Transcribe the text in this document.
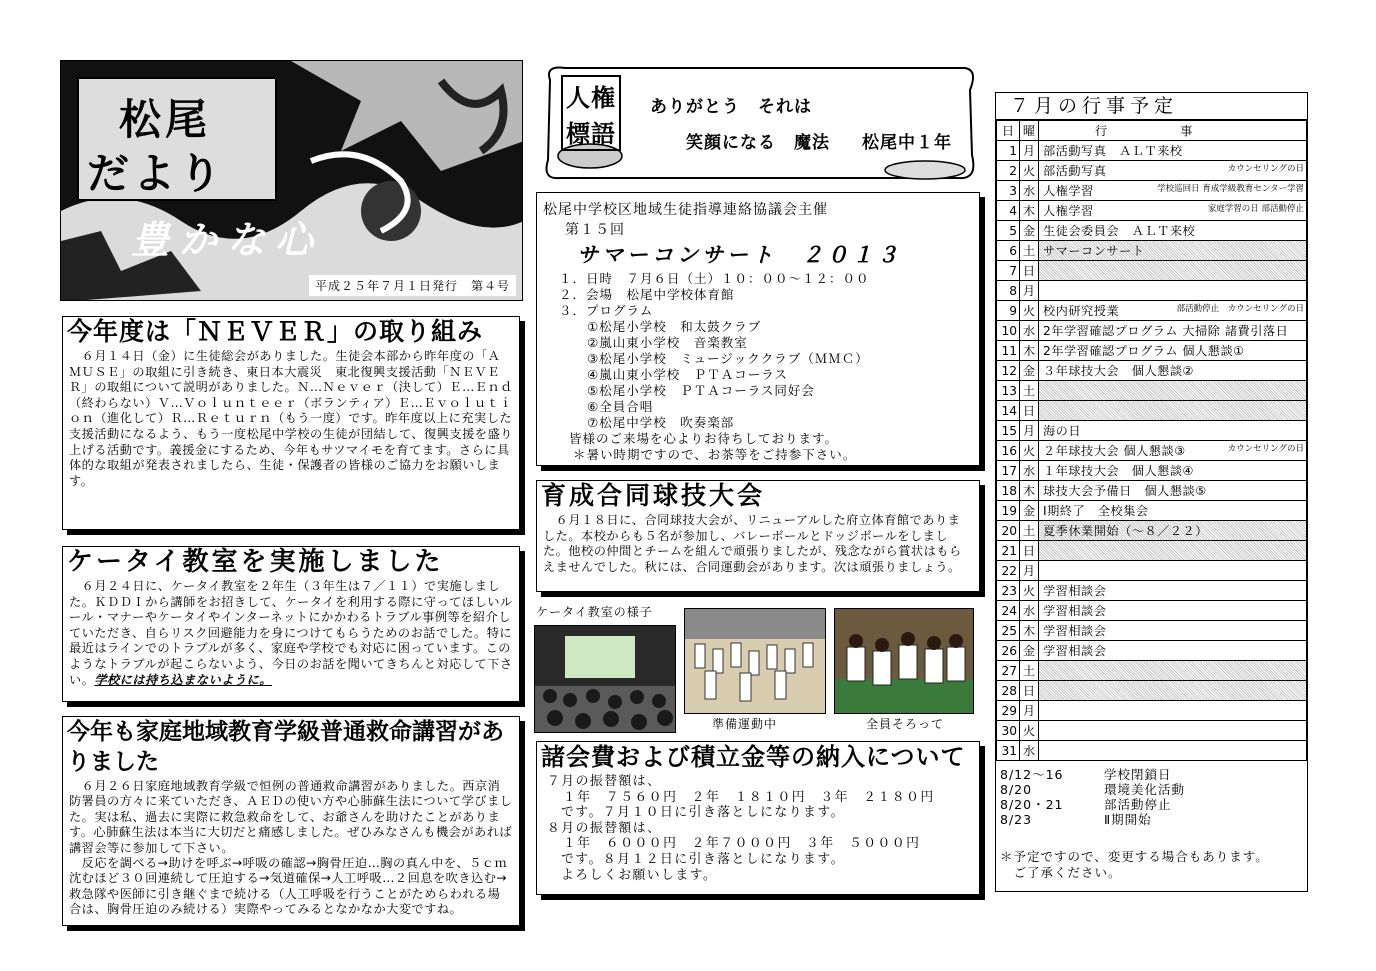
松尾
だより
豊かな心
平成２５年７月１日発行　第４号
人権
標語
ありがとう　それは
笑顔になる　魔法 松尾中１年
松尾中学校区地域生徒指導連絡協議会主催
第１５回
サマーコンサート　２０１３
１．日時　７月６日（土）１０：００～１２：００
２．会場　松尾中学校体育館
３．プログラム
①松尾小学校　和太鼓クラブ
②嵐山東小学校　音楽教室
③松尾小学校　ミュージッククラブ（ＭＭＣ）
④嵐山東小学校　ＰＴＡコーラス
⑤松尾小学校　ＰＴＡコーラス同好会
⑥全員合唱
⑦松尾中学校　吹奏楽部
皆様のご来場を心よりお待ちしております。
＊暑い時期ですので、お茶等をご持参下さい。
今年度は「ＮＥＶＥＲ」の取り組み
　６月１４日（金）に生徒総会がありました。生徒会本部から昨年度の「ＡＭＵＳＥ」の取組に引き続き、東日本大震災　東北復興支援活動「ＮＥＶＥＲ」の取組について説明がありました。Ｎ…Ｎｅｖｅｒ（決して）Ｅ…Ｅｎｄ（終わらない）Ｖ…Ｖｏｌｕｎｔｅｅｒ（ボランティア）Ｅ…Ｅｖｏｌｕｔｉｏｎ（進化して）Ｒ…Ｒｅｔｕｒｎ（もう一度）です。昨年度以上に充実した支援活動になるよう、もう一度松尾中学校の生徒が団結して、復興支援を盛り上げる活動です。義援金にするため、今年もサツマイモを育てます。さらに具体的な取組が発表されましたら、生徒・保護者の皆様のご協力をお願いします。
ケータイ教室を実施しました
　６月２４日に、ケータイ教室を２年生（３年生は７／１１）で実施しました。ＫＤＤＩから講師をお招きして、ケータイを利用する際に守ってほしいルール・マナーやケータイやインターネットにかかわるトラブル事例等を紹介していただき、自らリスク回避能力を身につけてもらうためのお話でした。特に最近はラインでのトラブルが多く、家庭や学校でも対応に困っています。このようなトラブルが起こらないよう、今日のお話を聞いてきちんと対応して下さい。学校には持ち込まないように。
今年も家庭地域教育学級普通救命講習がありました
　６月２６日家庭地域教育学級で恒例の普通救命講習がありました。西京消防署員の方々に来ていただき、ＡＥＤの使い方や心肺蘇生法について学びました。実は私、過去に実際に救急救命をして、お爺さんを助けたことがあります。心肺蘇生法は本当に大切だと痛感しました。ぜひみなさんも機会があれば講習会等に参加して下さい。
　反応を調べる→助けを呼ぶ→呼吸の確認→胸骨圧迫…胸の真ん中を、５ｃｍ沈むほど３０回連続して圧迫する→気道確保→人工呼吸…２回息を吹き込む→救急隊や医師に引き継ぐまで続ける（人工呼吸を行うことがためらわれる場合は、胸骨圧迫のみ続ける）実際やってみるとなかなか大変ですね。
育成合同球技大会
　６月１８日に、合同球技大会が、リニューアルした府立体育館でありました。本校からも５名が参加し、バレーボールとドッジボールをしました。他校の仲間とチームを組んで頑張りましたが、残念ながら賞状はもらえませんでした。秋には、合同運動会があります。次は頑張りましょう。
ケータイ教室の様子
準備運動中	全員そろって
諸会費および積立金等の納入について
７月の振替額は、
１年　７５６０円　２年　１８１０円　３年　２１８０円
です。７月１０日に引き落としになります。
８月の振替額は、
１年　６０００円　２年７０００円　３年　５０００円
です。８月１２日に引き落としになります。
よろしくお願いします。
７月の行事予定
日	曜	行　　　　　　事
1	月	部活動写真　ＡＬＴ来校

2	火	部活動写真 カウンセリングの日

3	水	人権学習 学校巡回日 育成学級教育センター学習

4	木	人権学習 家庭学習の日 部活動停止

5	金	生徒会委員会　ＡＬＴ来校

6	土	サマーコンサート

7	日	

8	月	

9	火	校内研究授業 部活動停止　カウンセリングの日

10	水	2年学習確認プログラム 大掃除 諸費引落日

11	木	2年学習確認プログラム 個人懇談①

12	金	３年球技大会　個人懇談②

13	土	

14	日	

15	月	海の日

16	火	２年球技大会 個人懇談③ カウンセリングの日

17	水	１年球技大会　個人懇談④

18	木	球技大会予備日　個人懇談⑤

19	金	Ⅰ期終了　全校集会

20	土	夏季休業開始（～８／２２）

21	日	

22	月	

23	火	学習相談会

24	水	学習相談会

25	木	学習相談会

26	金	学習相談会

27	土	

28	日	

29	月	

30	火	

31	水	
8/12～16	学校閉鎖日
8/20	環境美化活動
8/20・21	部活動停止
8/23	Ⅱ期開始
＊予定ですので、変更する場合もあります。
　ご了承ください。
